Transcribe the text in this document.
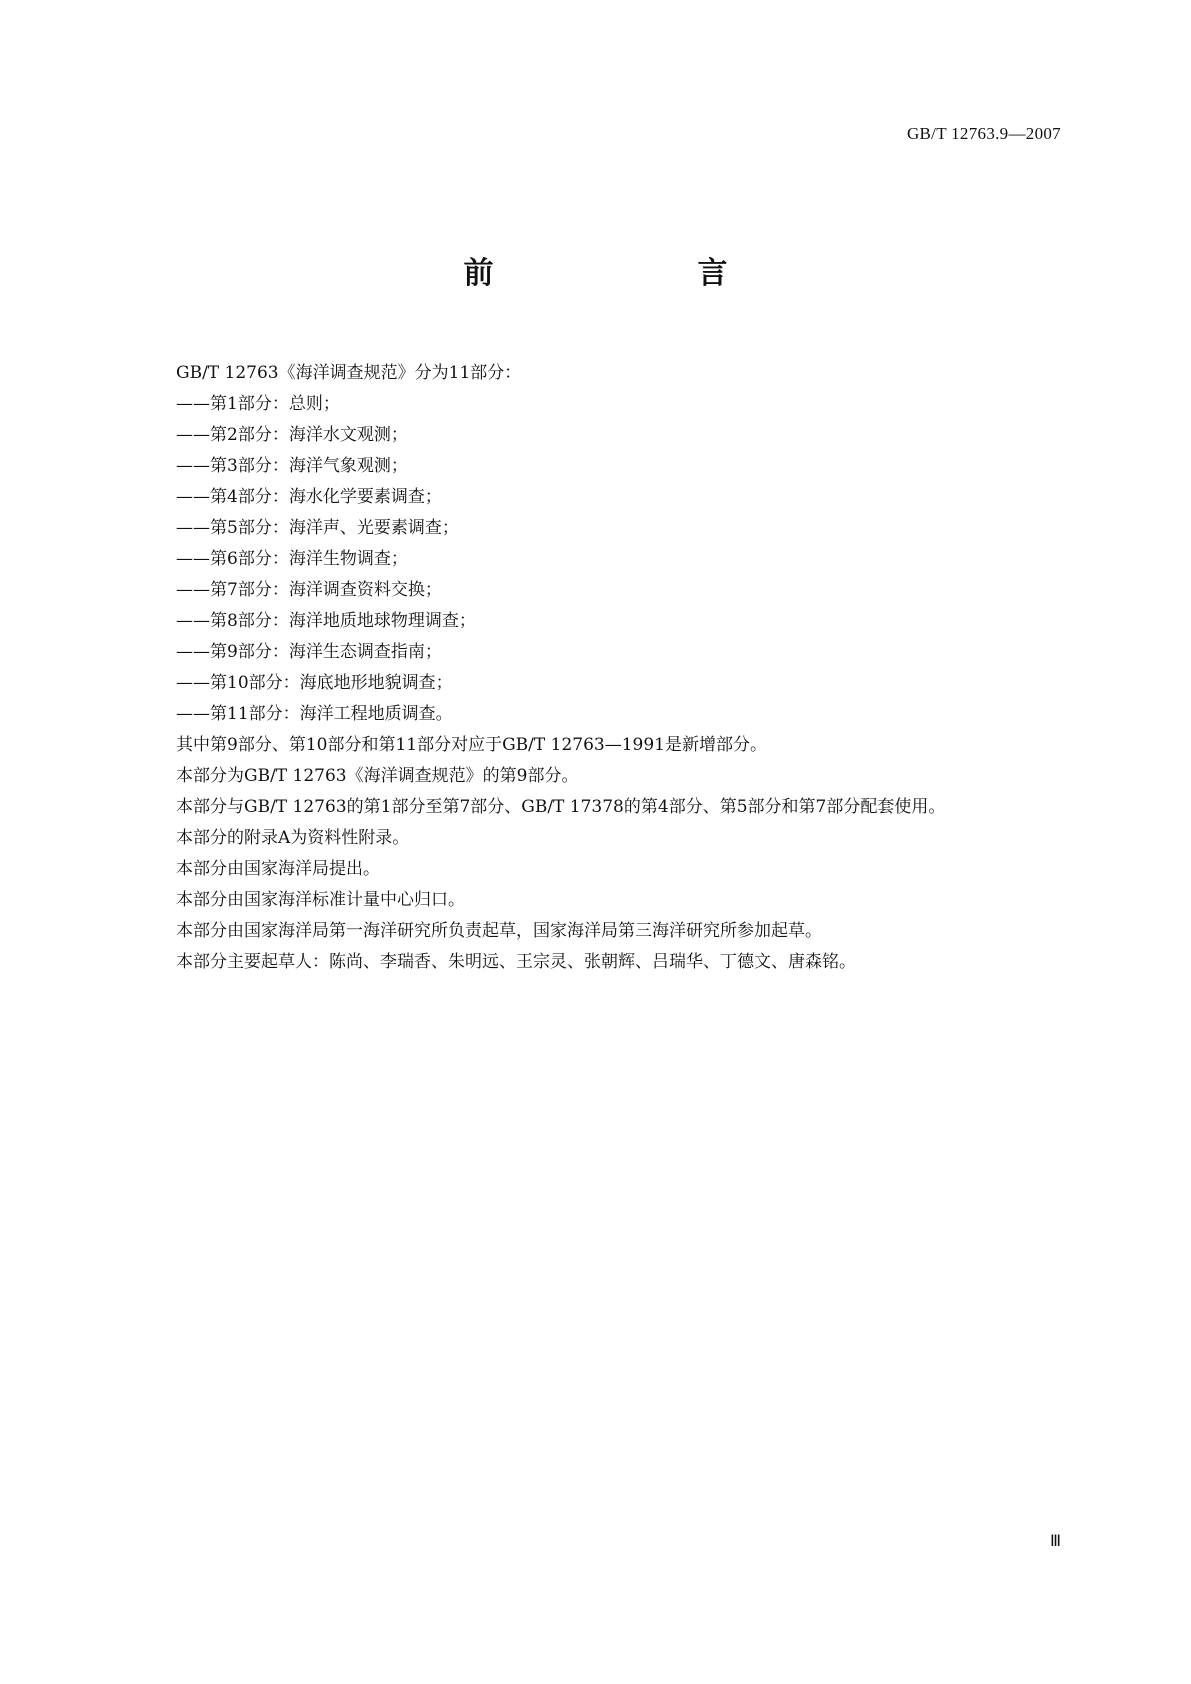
GB/T 12763.9—2007
前　　言

GB/T 12763《海洋调查规范》分为11部分：

——第1部分：总则；

——第2部分：海洋水文观测；

——第3部分：海洋气象观测；

——第4部分：海水化学要素调查；

——第5部分：海洋声、光要素调查；

——第6部分：海洋生物调查；

——第7部分：海洋调查资料交换；

——第8部分：海洋地质地球物理调查；

——第9部分：海洋生态调查指南；

——第10部分：海底地形地貌调查；

——第11部分：海洋工程地质调查。

其中第9部分、第10部分和第11部分对应于GB/T 12763—1991是新增部分。

本部分为GB/T 12763《海洋调查规范》的第9部分。

本部分与GB/T 12763的第1部分至第7部分、GB/T 17378的第4部分、第5部分和第7部分配套使用。

本部分的附录A为资料性附录。

本部分由国家海洋局提出。

本部分由国家海洋标准计量中心归口。

本部分由国家海洋局第一海洋研究所负责起草，国家海洋局第三海洋研究所参加起草。

本部分主要起草人：陈尚、李瑞香、朱明远、王宗灵、张朝辉、吕瑞华、丁德文、唐森铭。

Ⅲ
